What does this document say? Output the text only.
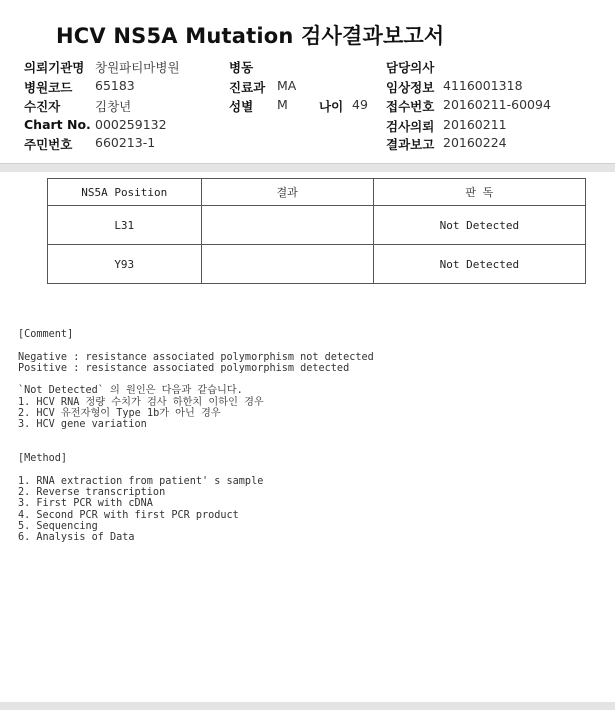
HCV NS5A Mutation 검사결과보고서
의뢰기관명 창원파티마병원
병원코드 65183
수진자	김창년
Chart No. 000259132
주민번호 660213-1
병동
진료과 MA
성별 M 나이 49
담당의사
임상정보 4116001318
접수번호 20160211-60094
검사의뢰 20160211
결과보고 20160224
NS5A Position	결과	판 독
L31		Not Detected
Y93		Not Detected
[Comment]
Negative : resistance associated polymorphism not detected
Positive : resistance associated polymorphism detected
`Not Detected` 의 원인은 다음과 같습니다.
1. HCV RNA 정량 수치가 검사 하한치 이하인 경우
2. HCV 유전자형이 Type 1b가 아닌 경우
3. HCV gene variation
[Method]
1. RNA extraction from patient' s sample
2. Reverse transcription
3. First PCR with cDNA
4. Second PCR with first PCR product
5. Sequencing
6. Analysis of Data
